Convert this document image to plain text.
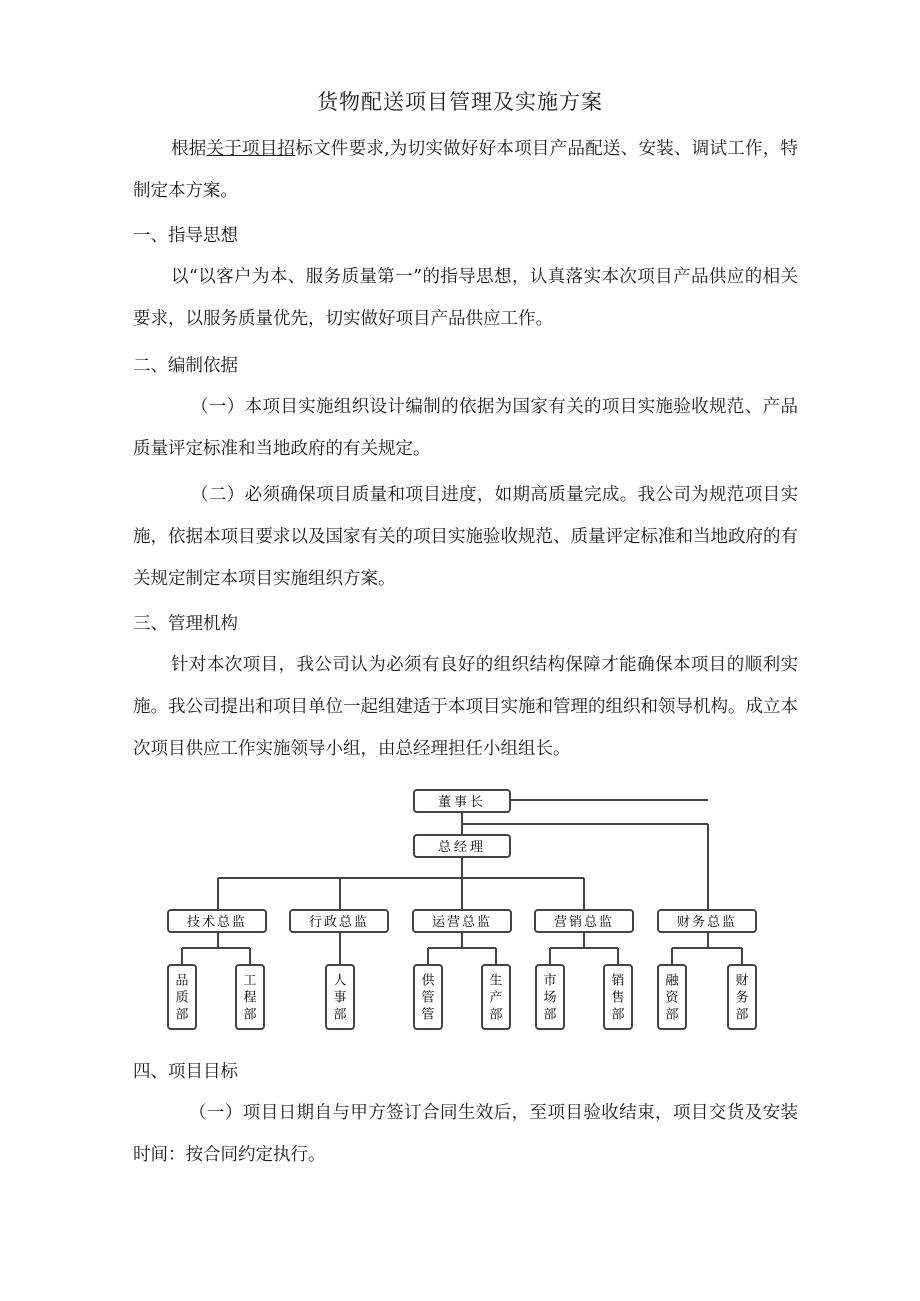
货物配送项目管理及实施方案

根据关于项目招标文件要求,为切实做好好本项目产品配送、安装、调试工作，特制定本方案。

一、指导思想

以“以客户为本、服务质量第一”的指导思想，认真落实本次项目产品供应的相关要求，以服务质量优先，切实做好项目产品供应工作。

二、编制依据

（一）本项目实施组织设计编制的依据为国家有关的项目实施验收规范、产品质量评定标准和当地政府的有关规定。

（二）必须确保项目质量和项目进度，如期高质量完成。我公司为规范项目实施，依据本项目要求以及国家有关的项目实施验收规范、质量评定标准和当地政府的有关规定制定本项目实施组织方案。

三、管理机构

针对本次项目，我公司认为必须有良好的组织结构保障才能确保本项目的顺利实施。我公司提出和项目单位一起组建适于本项目实施和管理的组织和领导机构。成立本次项目供应工作实施领导小组，由总经理担任小组组长。

董事长
总经理
技术总监	行政总监	运营总监	营销总监	财务总监
品
质
部
工
程
部
人
事
部
供
管
管
生
产
部
市
场
部
销
售
部
融
资
部
财
务
部

四、项目目标

（一）项目日期自与甲方签订合同生效后，至项目验收结束，项目交货及安装时间：按合同约定执行。
